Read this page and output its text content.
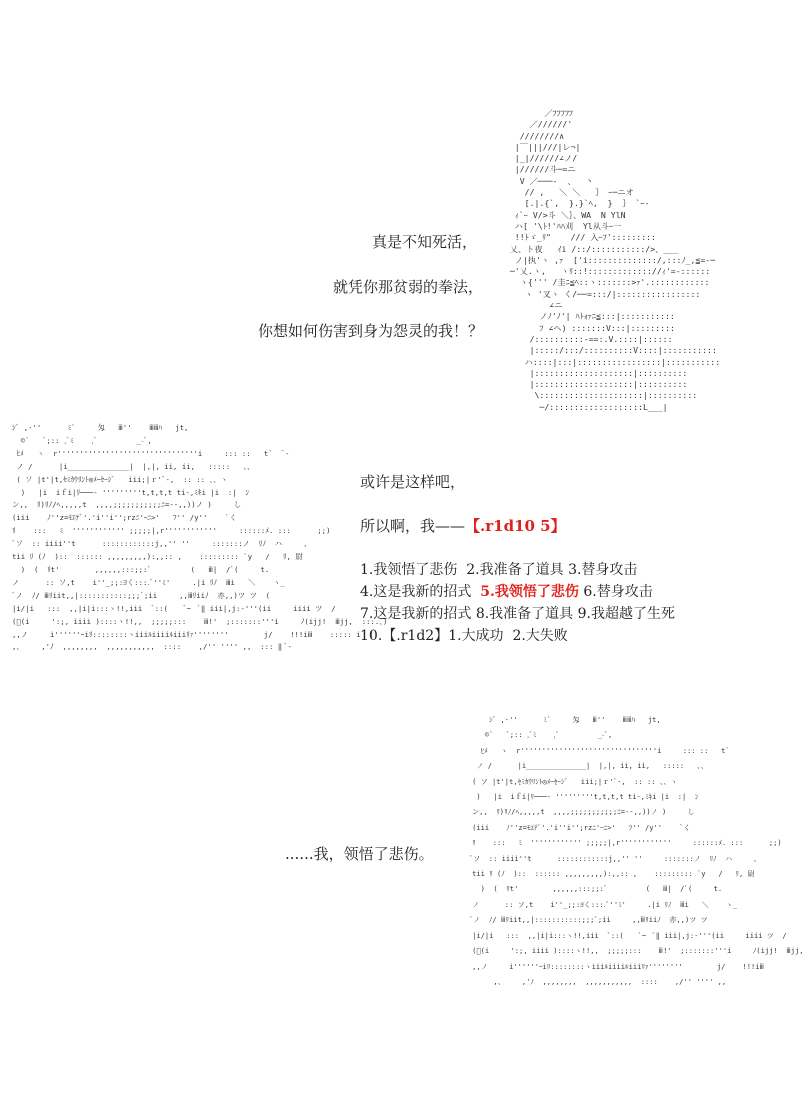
／ﾌﾌﾌﾌﾌ
／//////'
////////∧
|￣|||///|レ¬|
|_|//////∠ノ/
|//////斗─=ニ
V ／───-  、  丶
// ,   ＼ ＼   ｝ ｰ─ニオ
[.|.{`,  }.}`ﾍ,  }  ｝ `ｰ-
ｨ`ｰ V/>斗 ＼｝、WA  N YlN
ハ[ '\ﾄ!'ﾊﾊ刈  Yl从斗ｰ一
!!ﾄゞ_ﾘ"    /// 入ｰﾌ':::::::::
乂、ト夜   ｲi /::/:::::::::::/>、___
ノ|执'ヽ ,ｧ  ['i::::::::::::::/,:::ﾉ_,≦=-─
─'乂.ヽ,   ヽﾘ::!::::::::::::://ｨ'=-::::::
ヽ{''' /圭ﾆ≦ﾍ::ヽ:::::::>ｧ'.::::::::::::
ヽ '叉ヽ く/──=:::/|:::::::::::::::::
∠ニ
ノﾉ'ﾉ'| ﾊﾄｫｧﾆ≦:::|:::::::::::
ﾌ ∠ヘ) :::::::V:::|:::::::::
/::::::::::-==:.V.::::|::::::
|:::::/:::/::::::::::V::::|:::::::::::
ハ::::|:::|:::::::::::::::::|:::::::::::
|::::::::::::::::::::|::::::::::
|::::::::::::::::::::|::::::::::
\:::::::::::::::::::::|::::::::::
─/:::::::::::::::::::L___|

真是不知死活，

就凭你那贫弱的拳法，

你想如何伤害到身为怨灵的我！？

ｼﾞ ,-''      ﾐ`     匁   ⅲ''    ⅲⅲﾊ   jt,
©`   ﾞ;:: ,ﾞﾐ    ,ﾞ         _-ﾞ,
ﾋﾒ   ヽ  r''''''''''''''''''''''''''''''''i     ::: ::   t`  ﾞ-
ノ /      |i______________|  |,|, ii, ii,   :::::   、、
( ソ |t'|t,ｾﾐｶｳﾘﾝﾄ◎ﾒｰｾｰｼﾞ   iii;|ｒ'ﾞ-,  :: :: 、、ヽ
)   |i  iｆi|ﾘ───- '''''''''t,t,t,t ti-,ﾐｷi |i  :|  ﾝ
ン,,  ﾘ)ﾘﾉ/ﾍ,,,,,t  ,,,,;;;;;;;;;;;ﾆ=--,,))ノ )     し
(iii    ﾉ''z=ﾓｴﾃﾞ'.'i''i'';rzﾆ'ｰﾆ>'   ﾌ'' /y''    `く
ﾘ    :::   ﾐ  '''''''''''' ;;;;;|,r''''''''''''     ::::::ﾒ. :::      ;;)
ﾞソ  :: iiii''t      ::::::::::::j,,'' ''     :::::::ノ  ﾘﾉ  ハ     、
tii ﾘ (ﾉ  )::  :::::: ,,,,,,,,,):,,:: ,    ::::::::: `y   /   ﾘ, 尉
)  (  ﾘt'        ,,,,,,:::;;:ﾞ         (   ⅲ|  /ﾞ(     t.
ノ      :: ソ,t    i''_;;:ﾖく:::.ﾞ''ﾐ'     .|i ﾘﾉ  ⅲi   ＼    ヽ_
ﾞノ  ﾉ/ ⅲﾘiit,,|:::::::::::;;;ﾞ;ii     ,,ⅲﾘiiﾉ  亦,,)ツ ツ  (
|i/|i   :::  ,,|i|i:::ヽ!!,iii  ﾞ::(    ﾞ~  ﾞ‖ iii|,j:-'''(ii     iiii ツ  /
(ﾞ(i     ':;, iiii )::::ヽ!!,,  ;;;;;:::    ⅲ!'  ;:::::::'''i     ﾉ(ijj!  ⅲjj,  :::.、)
,,ノ     i''''''ｰiﾘ::::::::ヽiiiﾙiiiiﾙiiiﾘｧ''''''''        j/    !!!iⅲ    ::::: i  (
,、    ,'ﾉ  ,,,,,,,,  ,,,,,,,,,,,  ::::    ,/'' '''' ,,  ::: ‖ ﾞ-

或许是这样吧，

所以啊，我——【.r1d10 5】

1.我领悟了悲伤 2.我准备了道具 3.替身攻击
4.这是我新的招式 5.我领悟了悲伤 6.替身攻击
7.这是我新的招式 8.我准备了道具 9.我超越了生死
10.【.r1d2】1.大成功 2.大失败

......我，领悟了悲伤。

ｼﾞ ,-''      ﾐ`     匁   ⅲ''    ⅲⅲﾊ   jt,
©`   ﾞ;:: ,ﾞﾐ    ,ﾞ         _-ﾞ,
ﾋﾒ   ヽ  r''''''''''''''''''''''''''''''''i     ::: ::   t`
ノ /      |i______________|  |,|, ii, ii,   :::::   、、
( ソ |t'|t,ｾﾐｶｳﾘﾝﾄ◎ﾒｰｾｰｼﾞ   iii;|ｒ'ﾞ-,  :: :: 、、ヽ
)   |i  iｆi|ﾘ───- '''''''''t,t,t,t ti-,ﾐｷi |i  :|  ﾝ
ン,,  ﾘ)ﾘﾉ/ﾍ,,,,,t  ,,,,;;;;;;;;;;;ﾆ=--,,))ノ )     し
(iii    ﾉ''z=ﾓｴﾃﾞ'.'i''i'';rzﾆ'ｰﾆ>'   ﾌ'' /y''    `く
ﾘ    :::   ﾐ  '''''''''''' ;;;;;|,r''''''''''''     ::::::ﾒ. :::      ;;)
ﾞソ  :: iiii''t      ::::::::::::j,,'' ''     :::::::ノ  ﾘﾉ  ハ     、
tii ﾘ (ﾉ  )::  :::::: ,,,,,,,,,):,,:: ,    ::::::::: `y   /   ﾘ, 尉
)  (  ﾘt'        ,,,,,,:::;;:ﾞ         (   ⅲ|  /ﾞ(     t.
ノ      :: ソ,t    i''_;;:ﾖく:::.ﾞ''ﾐ'     .|i ﾘﾉ  ⅲi   ＼    ヽ_
ﾞノ  ﾉ/ ⅲﾘiit,,|:::::::::::;;;ﾞ;ii     ,,ⅲﾘiiﾉ  亦,,)ツ ツ
|i/|i   :::  ,,|i|i:::ヽ!!,iii  ﾞ::(    ﾞ~  ﾞ‖ iii|,j:-'''(ii     iiii ツ  /
(ﾞ(i     ':;, iiii )::::ヽ!!,,  ;;;;;:::    ⅲ!'  ;:::::::'''i     ﾉ(ijj!  ⅲjj,
,,ノ     i''''''ｰiﾘ::::::::ヽiiiﾙiiiiﾙiiiﾘｧ''''''''        j/    !!!iⅲ
,、    ,'ﾉ  ,,,,,,,,  ,,,,,,,,,,,  ::::    ,/'' '''' ,,
